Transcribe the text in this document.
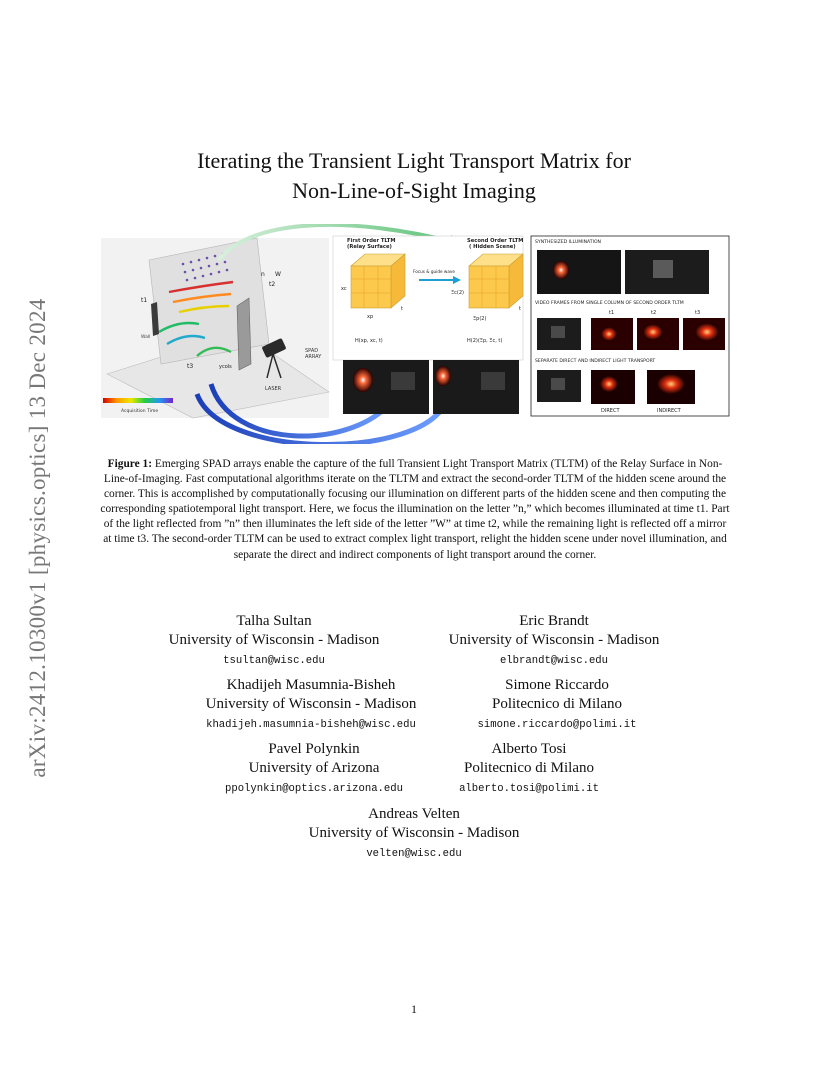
arXiv:2412.10300v1 [physics.optics] 13 Dec 2024
Iterating the Transient Light Transport Matrix for
Non-Line-of-Sight Imaging
t1
t2
t3
n W
ycols
Wall
LASER
SPAD
ARRAY
Acquisition Time
First Order TLTM
(Relay Surface)
Second Order TLTM
( Hidden Scene)
Focus & guide wave
xp
xc
t
Ξp(2)
Ξc(2)
t
H(xp, xc, t)	H(2)(Ξp, Ξc, t)
SYNTHESIZED ILLUMINATION
VIDEO FRAMES FROM SINGLE COLUMN OF SECOND ORDER TLTM
t1	t2	t3
SEPARATE DIRECT AND INDIRECT LIGHT TRANSPORT
DIRECT	INDIRECT
Figure 1: Emerging SPAD arrays enable the capture of the full Transient Light Transport Matrix (TLTM) of the Relay Surface in Non-Line-of-Imaging. Fast computational algorithms iterate on the TLTM and extract the second-order TLTM of the hidden scene around the corner. This is accomplished by computationally focusing our illumination on different parts of the hidden scene and then computing the corresponding spatiotemporal light transport. Here, we focus the illumination on the letter ”n,” which becomes illuminated at time t1. Part of the light reflected from ”n” then illuminates the left side of the letter ”W” at time t2, while the remaining light is reflected off a mirror at time t3. The second-order TLTM can be used to extract complex light transport, relight the hidden scene under novel illumination, and separate the direct and indirect components of light transport around the corner.
Talha Sultan
University of Wisconsin - Madison
tsultan@wisc.edu
Eric Brandt
University of Wisconsin - Madison
elbrandt@wisc.edu
Khadijeh Masumnia-Bisheh
University of Wisconsin - Madison
khadijeh.masumnia-bisheh@wisc.edu
Simone Riccardo
Politecnico di Milano
simone.riccardo@polimi.it
Pavel Polynkin
University of Arizona
ppolynkin@optics.arizona.edu
Alberto Tosi
Politecnico di Milano
alberto.tosi@polimi.it
Andreas Velten
University of Wisconsin - Madison
velten@wisc.edu
1
